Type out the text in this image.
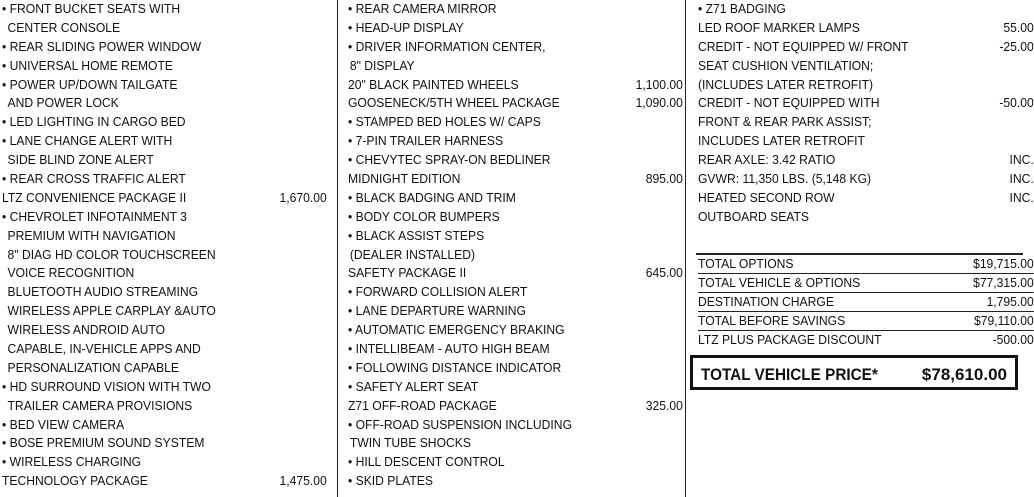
• FRONT BUCKET SEATS WITH
CENTER CONSOLE
• REAR SLIDING POWER WINDOW
• UNIVERSAL HOME REMOTE
• POWER UP/DOWN TAILGATE
AND POWER LOCK
• LED LIGHTING IN CARGO BED
• LANE CHANGE ALERT WITH
SIDE BLIND ZONE ALERT
• REAR CROSS TRAFFIC ALERT
LTZ CONVENIENCE PACKAGE II	1,670.00
• CHEVROLET INFOTAINMENT 3
PREMIUM WITH NAVIGATION
8" DIAG HD COLOR TOUCHSCREEN
VOICE RECOGNITION
BLUETOOTH AUDIO STREAMING
WIRELESS APPLE CARPLAY &AUTO
WIRELESS ANDROID AUTO
CAPABLE, IN-VEHICLE APPS AND
PERSONALIZATION CAPABLE
• HD SURROUND VISION WITH TWO
TRAILER CAMERA PROVISIONS
• BED VIEW CAMERA
• BOSE PREMIUM SOUND SYSTEM
• WIRELESS CHARGING
TECHNOLOGY PACKAGE	1,475.00
• REAR CAMERA MIRROR
• HEAD-UP DISPLAY
• DRIVER INFORMATION CENTER,
8" DISPLAY
20" BLACK PAINTED WHEELS	1,100.00
GOOSENECK/5TH WHEEL PACKAGE	1,090.00
• STAMPED BED HOLES W/ CAPS
• 7-PIN TRAILER HARNESS
• CHEVYTEC SPRAY-ON BEDLINER
MIDNIGHT EDITION	895.00
• BLACK BADGING AND TRIM
• BODY COLOR BUMPERS
• BLACK ASSIST STEPS
(DEALER INSTALLED)
SAFETY PACKAGE II	645.00
• FORWARD COLLISION ALERT
• LANE DEPARTURE WARNING
• AUTOMATIC EMERGENCY BRAKING
• INTELLIBEAM - AUTO HIGH BEAM
• FOLLOWING DISTANCE INDICATOR
• SAFETY ALERT SEAT
Z71 OFF-ROAD PACKAGE	325.00
• OFF-ROAD SUSPENSION INCLUDING
TWIN TUBE SHOCKS
• HILL DESCENT CONTROL
• SKID PLATES
• Z71 BADGING
LED ROOF MARKER LAMPS	55.00
CREDIT - NOT EQUIPPED W/ FRONT	-25.00
SEAT CUSHION VENTILATION;
(INCLUDES LATER RETROFIT)
CREDIT - NOT EQUIPPED WITH	-50.00
FRONT & REAR PARK ASSIST;
INCLUDES LATER RETROFIT
REAR AXLE: 3.42 RATIO	INC.
GVWR: 11,350 LBS. (5,148 KG)	INC.
HEATED SECOND ROW	INC.
OUTBOARD SEATS
TOTAL OPTIONS	$19,715.00
TOTAL VEHICLE & OPTIONS	$77,315.00
DESTINATION CHARGE	1,795.00
TOTAL BEFORE SAVINGS	$79,110.00
LTZ PLUS PACKAGE DISCOUNT	-500.00
TOTAL VEHICLE PRICE*	$78,610.00
